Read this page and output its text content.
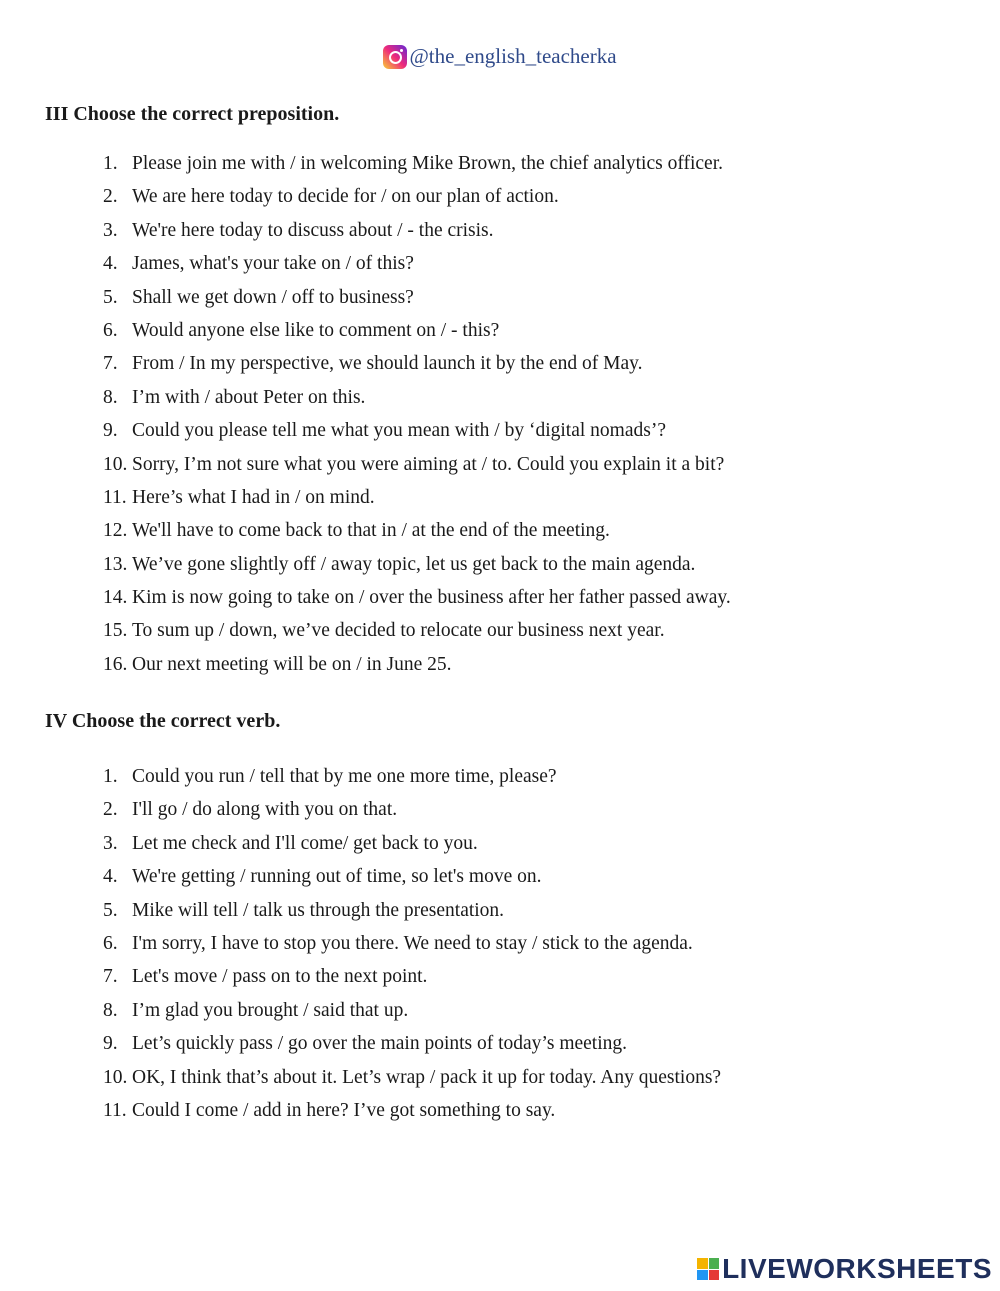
@the_english_teacherka
III Choose the correct preposition.
1. Please join me with / in welcoming Mike Brown, the chief analytics officer.
2. We are here today to decide for / on our plan of action.
3. We're here today to discuss about / - the crisis.
4. James, what's your take on / of this?
5. Shall we get down / off to business?
6. Would anyone else like to comment on / - this?
7. From / In my perspective, we should launch it by the end of May.
8. I’m with / about Peter on this.
9. Could you please tell me what you mean with / by ‘digital nomads’?
10. Sorry, I’m not sure what you were aiming at / to. Could you explain it a bit?
11. Here’s what I had in / on mind.
12. We'll have to come back to that in / at the end of the meeting.
13. We’ve gone slightly off / away topic, let us get back to the main agenda.
14. Kim is now going to take on / over the business after her father passed away.
15. To sum up / down, we’ve decided to relocate our business next year.
16. Our next meeting will be on / in June 25.
IV Choose the correct verb.
1. Could you run / tell that by me one more time, please?
2. I'll go / do along with you on that.
3. Let me check and I'll come/ get back to you.
4. We're getting / running out of time, so let's move on.
5. Mike will tell / talk us through the presentation.
6. I'm sorry, I have to stop you there. We need to stay / stick to the agenda.
7. Let's move / pass on to the next point.
8. I’m glad you brought / said that up.
9. Let’s quickly pass / go over the main points of today’s meeting.
10. OK, I think that’s about it. Let’s wrap / pack it up for today. Any questions?
11. Could I come / add in here? I’ve got something to say.
LIVEWORKSHEETS
